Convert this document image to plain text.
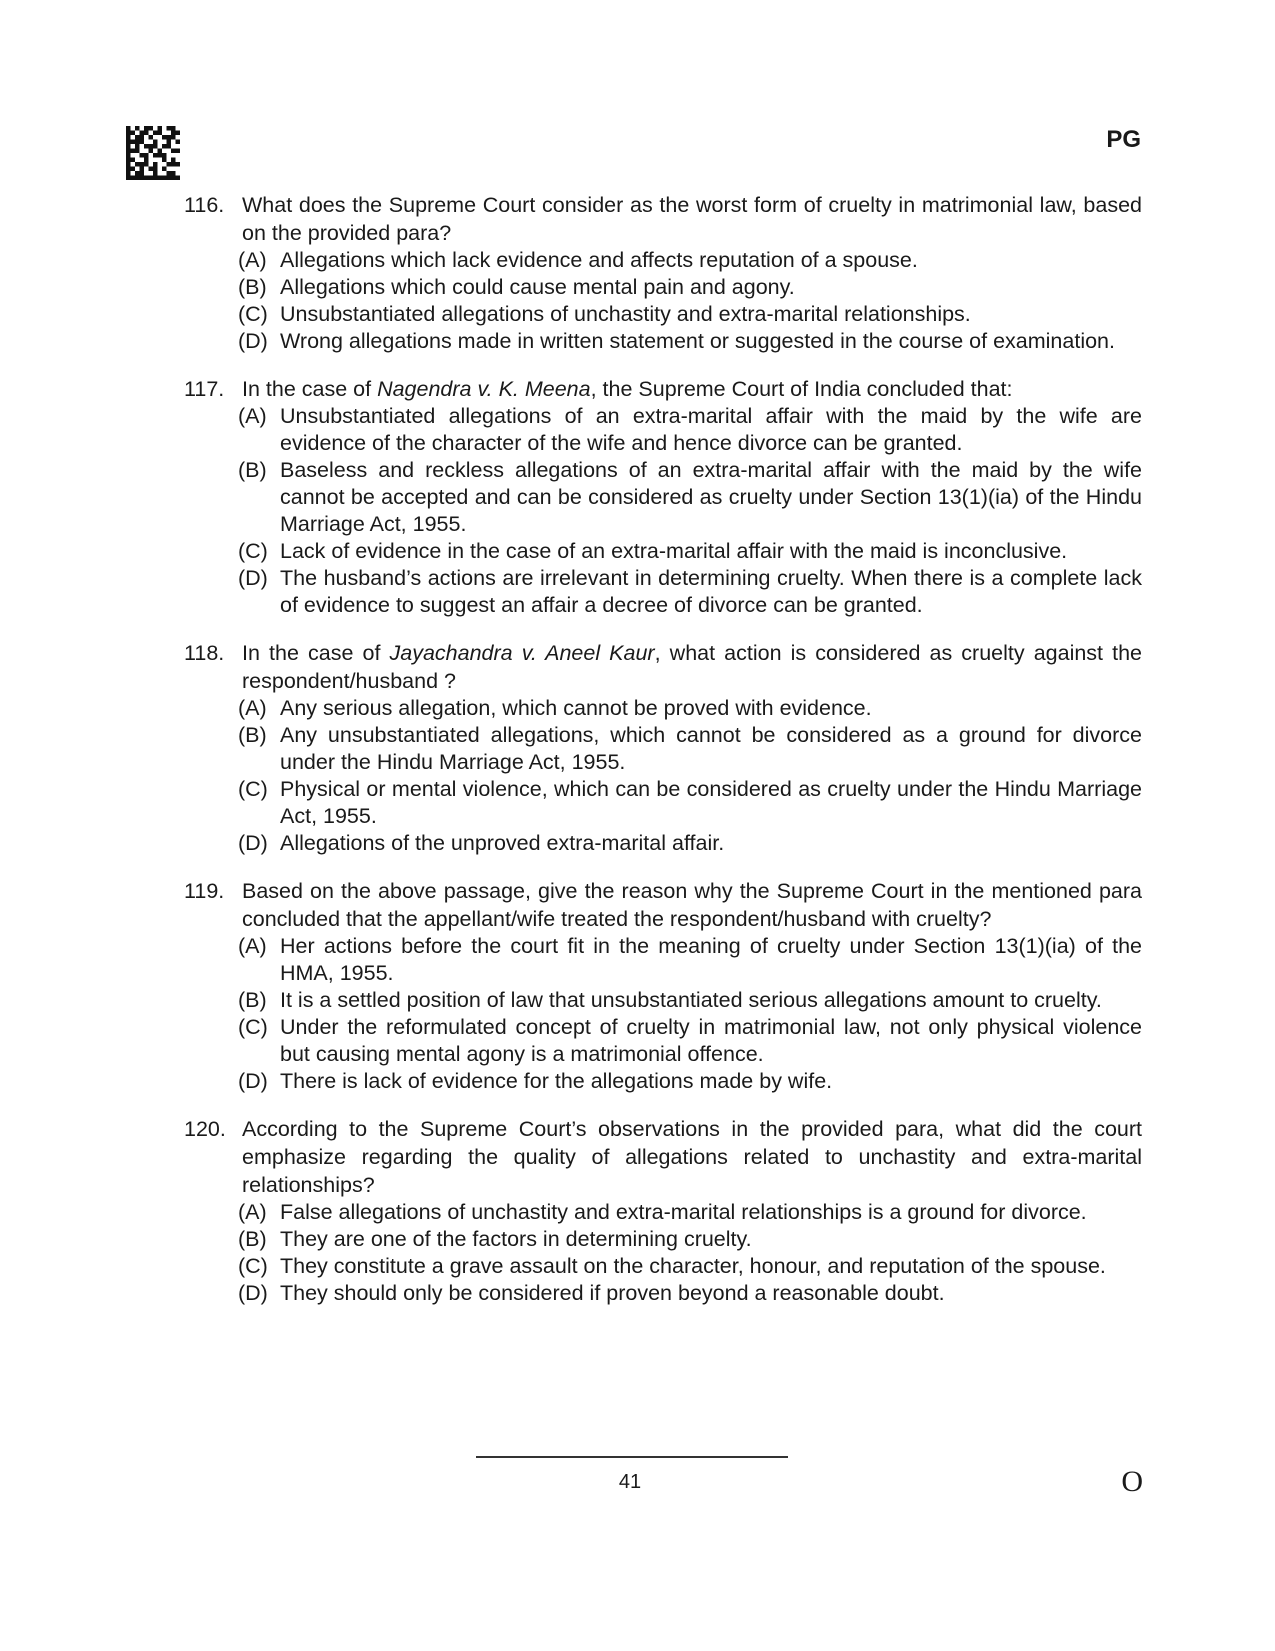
PG
116. What does the Supreme Court consider as the worst form of cruelty in matrimonial law, based on the provided para?
(A) Allegations which lack evidence and affects reputation of a spouse.
(B) Allegations which could cause mental pain and agony.
(C) Unsubstantiated allegations of unchastity and extra-marital relationships.
(D) Wrong allegations made in written statement or suggested in the course of examination.
117. In the case of Nagendra v. K. Meena, the Supreme Court of India concluded that:
(A) Unsubstantiated allegations of an extra-marital affair with the maid by the wife are evidence of the character of the wife and hence divorce can be granted.
(B) Baseless and reckless allegations of an extra-marital affair with the maid by the wife cannot be accepted and can be considered as cruelty under Section 13(1)(ia) of the Hindu Marriage Act, 1955.
(C) Lack of evidence in the case of an extra-marital affair with the maid is inconclusive.
(D) The husband’s actions are irrelevant in determining cruelty. When there is a complete lack of evidence to suggest an affair a decree of divorce can be granted.
118. In the case of Jayachandra v. Aneel Kaur, what action is considered as cruelty against the respondent/husband ?
(A) Any serious allegation, which cannot be proved with evidence.
(B) Any unsubstantiated allegations, which cannot be considered as a ground for divorce under the Hindu Marriage Act, 1955.
(C) Physical or mental violence, which can be considered as cruelty under the Hindu Marriage Act, 1955.
(D) Allegations of the unproved extra-marital affair.
119. Based on the above passage, give the reason why the Supreme Court in the mentioned para concluded that the appellant/wife treated the respondent/husband with cruelty?
(A) Her actions before the court fit in the meaning of cruelty under Section 13(1)(ia) of the HMA, 1955.
(B) It is a settled position of law that unsubstantiated serious allegations amount to cruelty.
(C) Under the reformulated concept of cruelty in matrimonial law, not only physical violence but causing mental agony is a matrimonial offence.
(D) There is lack of evidence for the allegations made by wife.
120. According to the Supreme Court’s observations in the provided para, what did the court emphasize regarding the quality of allegations related to unchastity and extra-marital relationships?
(A) False allegations of unchastity and extra-marital relationships is a ground for divorce.
(B) They are one of the factors in determining cruelty.
(C) They constitute a grave assault on the character, honour, and reputation of the spouse.
(D) They should only be considered if proven beyond a reasonable doubt.
41	O
